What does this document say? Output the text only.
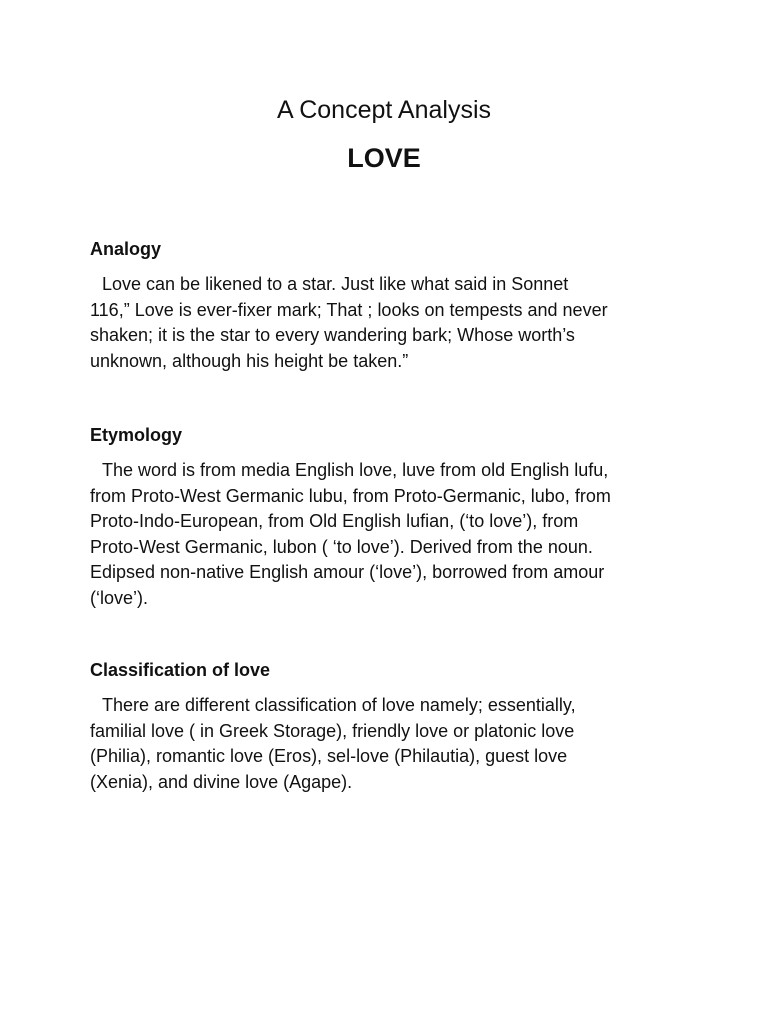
A Concept Analysis
LOVE
Analogy

Love can be likened to a star. Just like what said in Sonnet
116,” Love is ever-fixer mark; That ; looks on tempests and never
shaken; it is the star to every wandering bark; Whose worth’s
unknown, although his height be taken.”

Etymology

The word is from media English love, luve from old English lufu,
from Proto-West Germanic lubu, from Proto-Germanic, lubo, from
Proto-Indo-European, from Old English lufian, (‘to love’), from
Proto-West Germanic, lubon ( ‘to love’). Derived from the noun.
Edipsed non-native English amour (‘love’), borrowed from amour
(‘love’).

Classification of love

There are different classification of love namely; essentially,
familial love ( in Greek Storage), friendly love or platonic love
(Philia), romantic love (Eros), sel-love (Philautia), guest love
(Xenia), and divine love (Agape).
